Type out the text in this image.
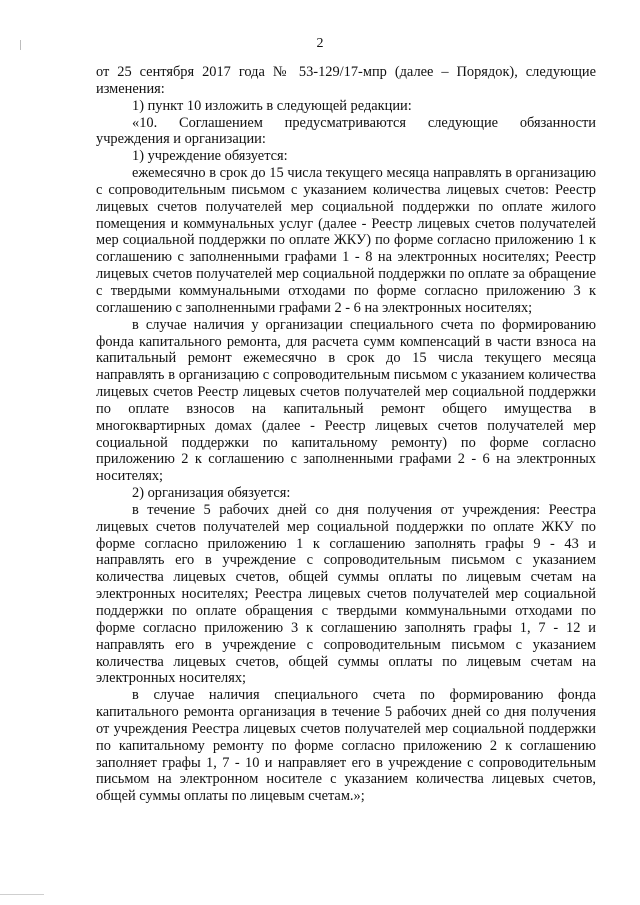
2

от 25 сентября 2017 года № 53-129/17-мпр (далее – Порядок), следующие изменения:

1) пункт 10 изложить в следующей редакции:

«10. Соглашением предусматриваются следующие обязанности учреждения и организации:

1) учреждение обязуется:

ежемесячно в срок до 15 числа текущего месяца направлять в организацию с сопроводительным письмом с указанием количества лицевых счетов: Реестр лицевых счетов получателей мер социальной поддержки по оплате жилого помещения и коммунальных услуг (далее - Реестр лицевых счетов получателей мер социальной поддержки по оплате ЖКУ) по форме согласно приложению 1 к соглашению с заполненными графами 1 - 8 на электронных носителях; Реестр лицевых счетов получателей мер социальной поддержки по оплате за обращение с твердыми коммунальными отходами по форме согласно приложению 3 к соглашению с заполненными графами 2 - 6 на электронных носителях;

в случае наличия у организации специального счета по формированию фонда капитального ремонта, для расчета сумм компенсаций в части взноса на капитальный ремонт ежемесячно в срок до 15 числа текущего месяца направлять в организацию с сопроводительным письмом с указанием количества лицевых счетов Реестр лицевых счетов получателей мер социальной поддержки по оплате взносов на капитальный ремонт общего имущества в многоквартирных домах (далее - Реестр лицевых счетов получателей мер социальной поддержки по капитальному ремонту) по форме согласно приложению 2 к соглашению с заполненными графами 2 - 6 на электронных носителях;

2) организация обязуется:

в течение 5 рабочих дней со дня получения от учреждения: Реестра лицевых счетов получателей мер социальной поддержки по оплате ЖКУ по форме согласно приложению 1 к соглашению заполнять графы 9 - 43 и направлять его в учреждение с сопроводительным письмом с указанием количества лицевых счетов, общей суммы оплаты по лицевым счетам на электронных носителях; Реестра лицевых счетов получателей мер социальной поддержки по оплате обращения с твердыми коммунальными отходами по форме согласно приложению 3 к соглашению заполнять графы 1, 7 - 12 и направлять его в учреждение с сопроводительным письмом с указанием количества лицевых счетов, общей суммы оплаты по лицевым счетам на электронных носителях;

в случае наличия специального счета по формированию фонда капитального ремонта организация в течение 5 рабочих дней со дня получения от учреждения Реестра лицевых счетов получателей мер социальной поддержки по капитальному ремонту по форме согласно приложению 2 к соглашению заполняет графы 1, 7 - 10 и направляет его в учреждение с сопроводительным письмом на электронном носителе с указанием количества лицевых счетов, общей суммы оплаты по лицевым счетам.»;
